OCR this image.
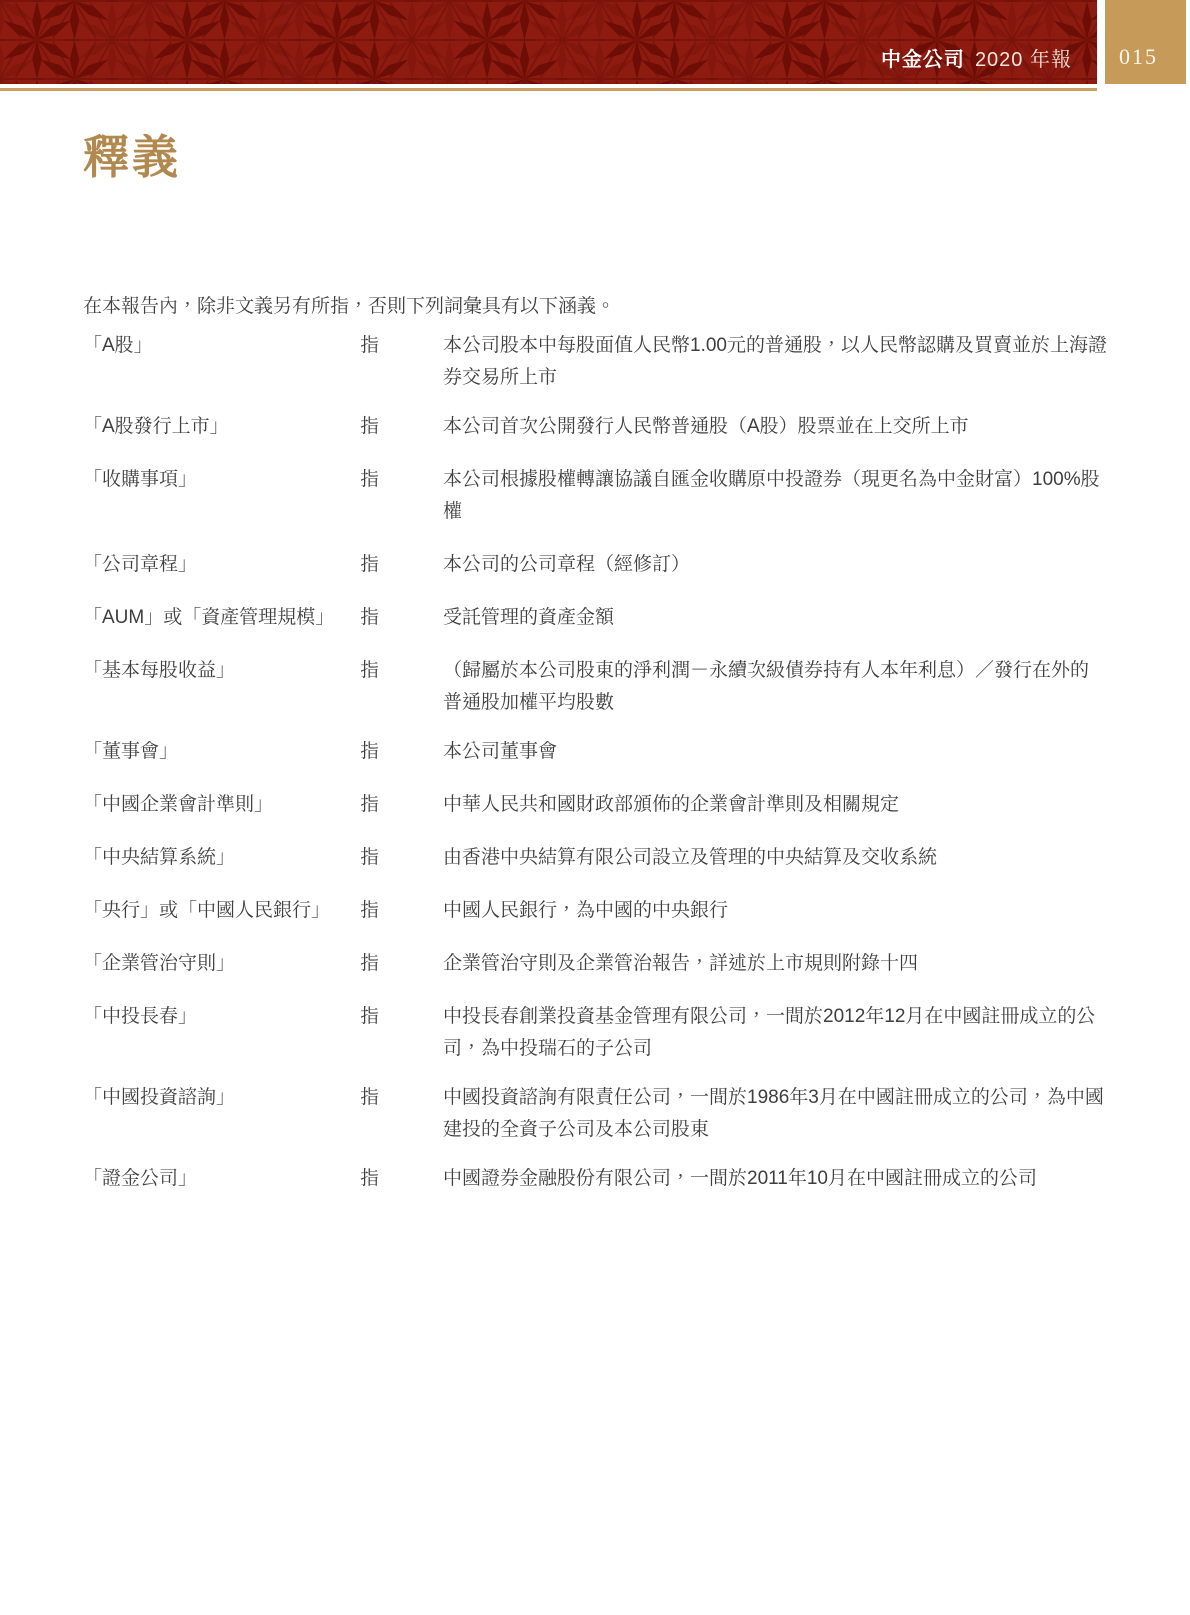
中金公司 2020 年報 015
釋義

在本報告內，除非文義另有所指，否則下列詞彙具有以下涵義。

「A股」	指	本公司股本中每股面值人民幣1.00元的普通股，以人民幣認購及買賣並於上海證券交易所上市
「A股發行上市」	指	本公司首次公開發行人民幣普通股（A股）股票並在上交所上市
「收購事項」	指	本公司根據股權轉讓協議自匯金收購原中投證券（現更名為中金財富）100%股權
「公司章程」	指	本公司的公司章程（經修訂）
「AUM」或「資產管理規模」	指	受託管理的資產金額
「基本每股收益」	指	（歸屬於本公司股東的淨利潤－永續次級債券持有人本年利息）／發行在外的普通股加權平均股數
「董事會」	指	本公司董事會
「中國企業會計準則」	指	中華人民共和國財政部頒佈的企業會計準則及相關規定
「中央結算系統」	指	由香港中央結算有限公司設立及管理的中央結算及交收系統
「央行」或「中國人民銀行」	指	中國人民銀行，為中國的中央銀行
「企業管治守則」	指	企業管治守則及企業管治報告，詳述於上市規則附錄十四
「中投長春」	指	中投長春創業投資基金管理有限公司，一間於2012年12月在中國註冊成立的公司，為中投瑞石的子公司
「中國投資諮詢」	指	中國投資諮詢有限責任公司，一間於1986年3月在中國註冊成立的公司，為中國建投的全資子公司及本公司股東
「證金公司」	指	中國證券金融股份有限公司，一間於2011年10月在中國註冊成立的公司
